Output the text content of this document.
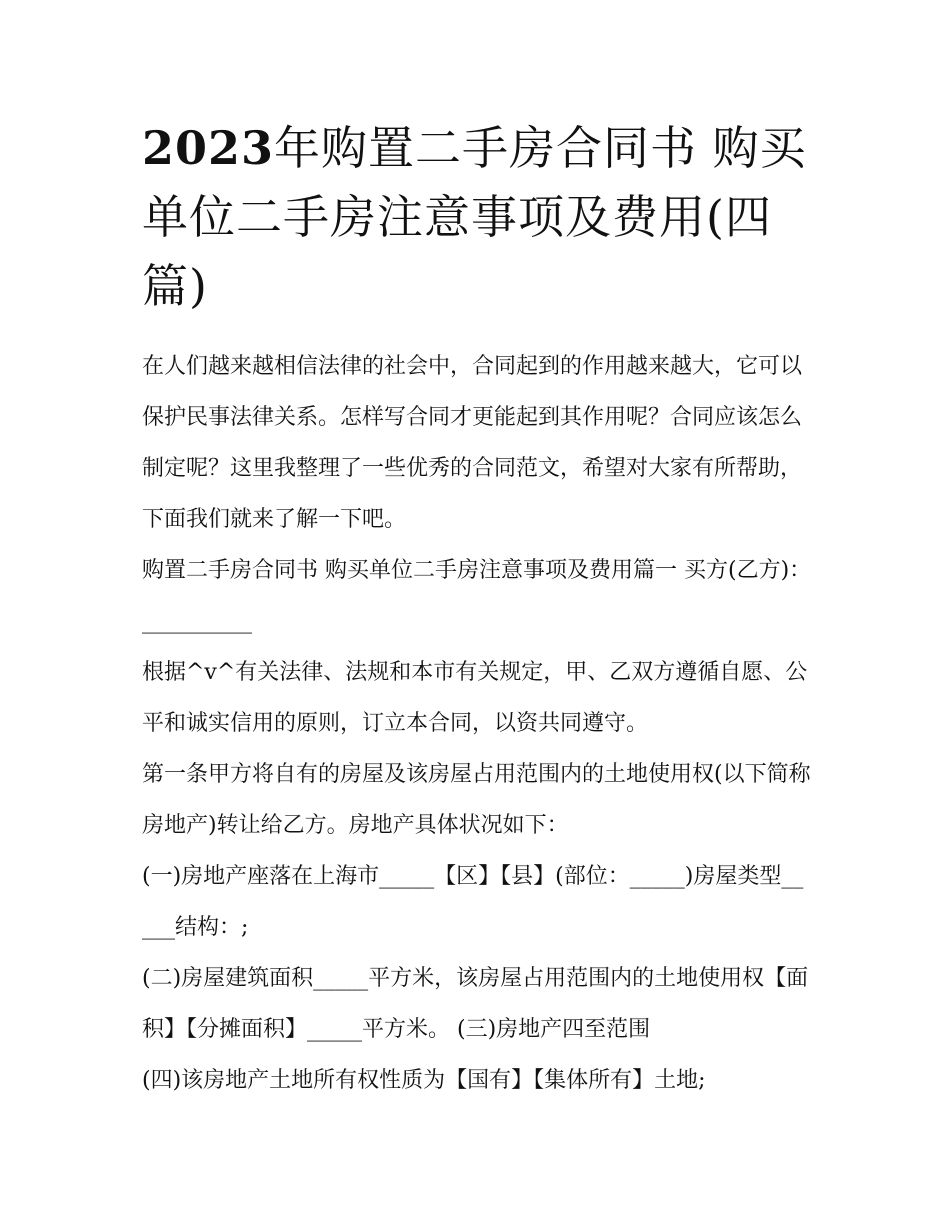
2023年购置二手房合同书 购买单位二手房注意事项及费用(四篇)

在人们越来越相信法律的社会中，合同起到的作用越来越大，它可以保护民事法律关系。怎样写合同才更能起到其作用呢？合同应该怎么制定呢？这里我整理了一些优秀的合同范文，希望对大家有所帮助，下面我们就来了解一下吧。

购置二手房合同书 购买单位二手房注意事项及费用篇一 买方(乙方)：__________

根据^v^有关法律、法规和本市有关规定，甲、乙双方遵循自愿、公平和诚实信用的原则，订立本合同，以资共同遵守。

第一条甲方将自有的房屋及该房屋占用范围内的土地使用权(以下简称房地产)转让给乙方。房地产具体状况如下：

(一)房地产座落在上海市_____【区】【县】(部位：_____)房屋类型_____结构：;

(二)房屋建筑面积_____平方米，该房屋占用范围内的土地使用权【面积】【分摊面积】_____平方米。 (三)房地产四至范围

(四)该房地产土地所有权性质为【国有】【集体所有】土地;
